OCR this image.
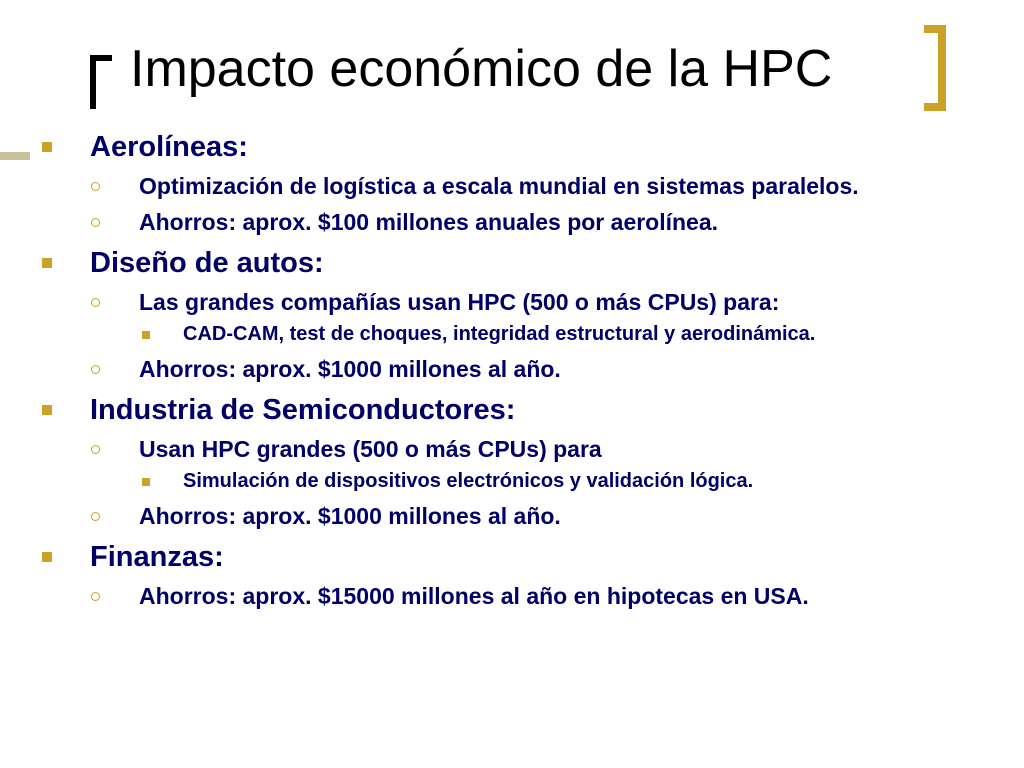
Impacto económico de la HPC
Aerolíneas:
Optimización de logística a escala mundial en sistemas paralelos.
Ahorros: aprox. $100 millones anuales por aerolínea.
Diseño de autos:
Las grandes compañías usan HPC (500 o más CPUs) para:
CAD-CAM, test de choques, integridad estructural y aerodinámica.
Ahorros: aprox. $1000 millones al año.
Industria de Semiconductores:
Usan HPC grandes (500 o más CPUs) para
Simulación de dispositivos electrónicos y validación lógica.
Ahorros: aprox. $1000 millones al año.
Finanzas:
Ahorros: aprox. $15000 millones al año en hipotecas en USA.
